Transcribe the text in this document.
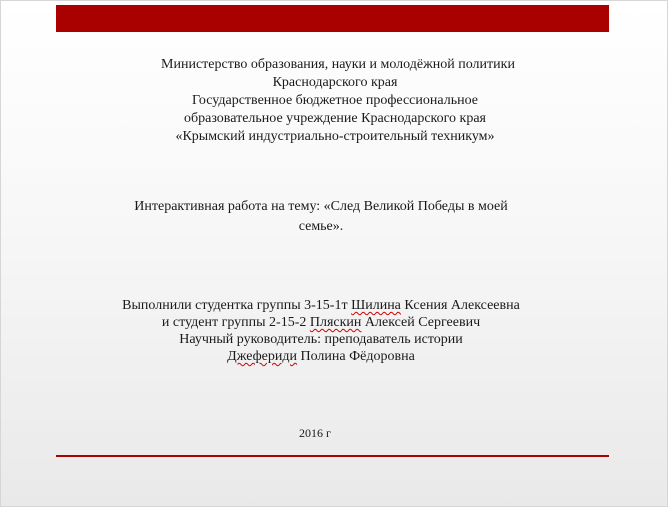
Министерство образования, науки и молодёжной политики
Краснодарского края
Государственное бюджетное профессиональное
образовательное учреждение Краснодарского края
«Крымский индустриально-строительный техникум»
Интерактивная работа на тему: «След Великой Победы в моей
семье».
Выполнили студентка группы 3-15-1т Шилина Ксения Алексеевна
и студент группы 2-15-2 Пляскин Алексей Сергеевич
Научный руководитель: преподаватель истории
Джефериди Полина Фёдоровна
2016 г
